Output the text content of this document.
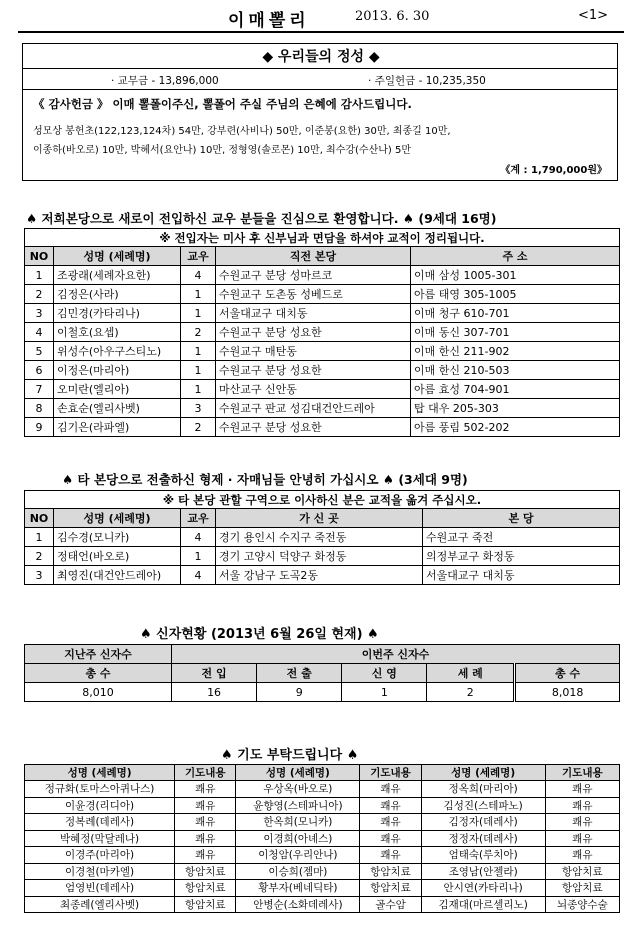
이매뽈리	2013. 6. 30	<1>
◆ 우리들의 정성 ◆
· 교무금 - 13,896,000	· 주일헌금 - 10,235,350
《 감사헌금 》 이매 뽈폴이주신, 뽈폴어 주실 주님의 은혜에 감사드립니다.
성모상 봉헌초(122,123,124차) 54만, 강부련(사비나) 50만, 이준봉(요한) 30만, 최종길 10만,
이종하(바오로) 10만, 박혜서(요안나) 10만, 정형영(솔로몬) 10만, 최수강(수산나) 5만
《계 : 1,790,000원》
♠ 저희본당으로 새로이 전입하신 교우 분들을 진심으로 환영합니다. ♠ (9세대 16명)
※ 전입자는 미사 후 신부님과 면담을 하셔야 교적이 정리됩니다.				
NO	성명 (세례명)	교우	직전 본당	주 소
1	조광래(세례자요한)	4	수원교구 분당 성마르코	이매 삼성 1005-301
2	김정은(사라)	1	수원교구 도촌동 성베드로	아름 태영 305-1005
3	김민경(카타리나)	1	서울대교구 대치동	이매 청구 610-701
4	이철호(요셉)	2	수원교구 분당 성요한	이매 동신 307-701
5	위성수(아우구스티노)	1	수원교구 매탄동	이매 한신 211-902
6	이정은(마리아)	1	수원교구 분당 성요한	이매 한신 210-503
7	오미란(엘리아)	1	마산교구 신안동	아름 효성 704-901
8	손효순(엘리사벳)	3	수원교구 판교 성김대건안드레아	탑 대우 205-303
9	김기은(라파엘)	2	수원교구 분당 성요한	아름 풍림 502-202
♠ 타 본당으로 전출하신 형제 · 자매님들 안녕히 가십시오 ♠ (3세대 9명)
※ 타 본당 관할 구역으로 이사하신 분은 교적을 옮겨 주십시오.				
NO	성명 (세례명)	교우	가 신 곳	본 당
1	김수경(모니카)	4	경기 용인시 수지구 죽전동	수원교구 죽전
2	정태언(바오로)	1	경기 고양시 덕양구 화정동	의정부교구 화정동
3	최영진(대건안드레아)	4	서울 강남구 도곡2동	서울대교구 대치동
♠ 신자현황 (2013년 6월 26일 현재) ♠
지난주 신자수	이번주 신자수				
총 수	전 입	전 출	신 영	세 례	총 수
8,010	16	9	1	2	8,018
♠ 기도 부탁드립니다 ♠
성명 (세례명)	기도내용	성명 (세례명)	기도내용	성명 (세례명)	기도내용
정규화(토마스아퀴나스)	쾌유	우상옥(바오로)	쾌유	정옥희(마리아)	쾌유
이윤경(리디아)	쾌유	윤향영(스테파니아)	쾌유	김성진(스테파노)	쾌유
정복례(데레사)	쾌유	한옥희(모니카)	쾌유	김정자(데레사)	쾌유
박혜정(막달레나)	쾌유	이경희(아녜스)	쾌유	정정자(데레사)	쾌유
이경주(마리아)	쾌유	이청암(우리안나)	쾌유	엄태숙(루치아)	쾌유
이경철(마카엘)	항암치료	이승희(젬마)	항암치료	조영남(안젤라)	항암치료
엄영빈(데레사)	항암치료	황부자(베네딕타)	항암치료	안시연(카타리나)	항암치료
최종례(엘리사벳)	항암치료	안병순(소화데레사)	골수암	김재대(마르셀리노)	뇌종양수술
